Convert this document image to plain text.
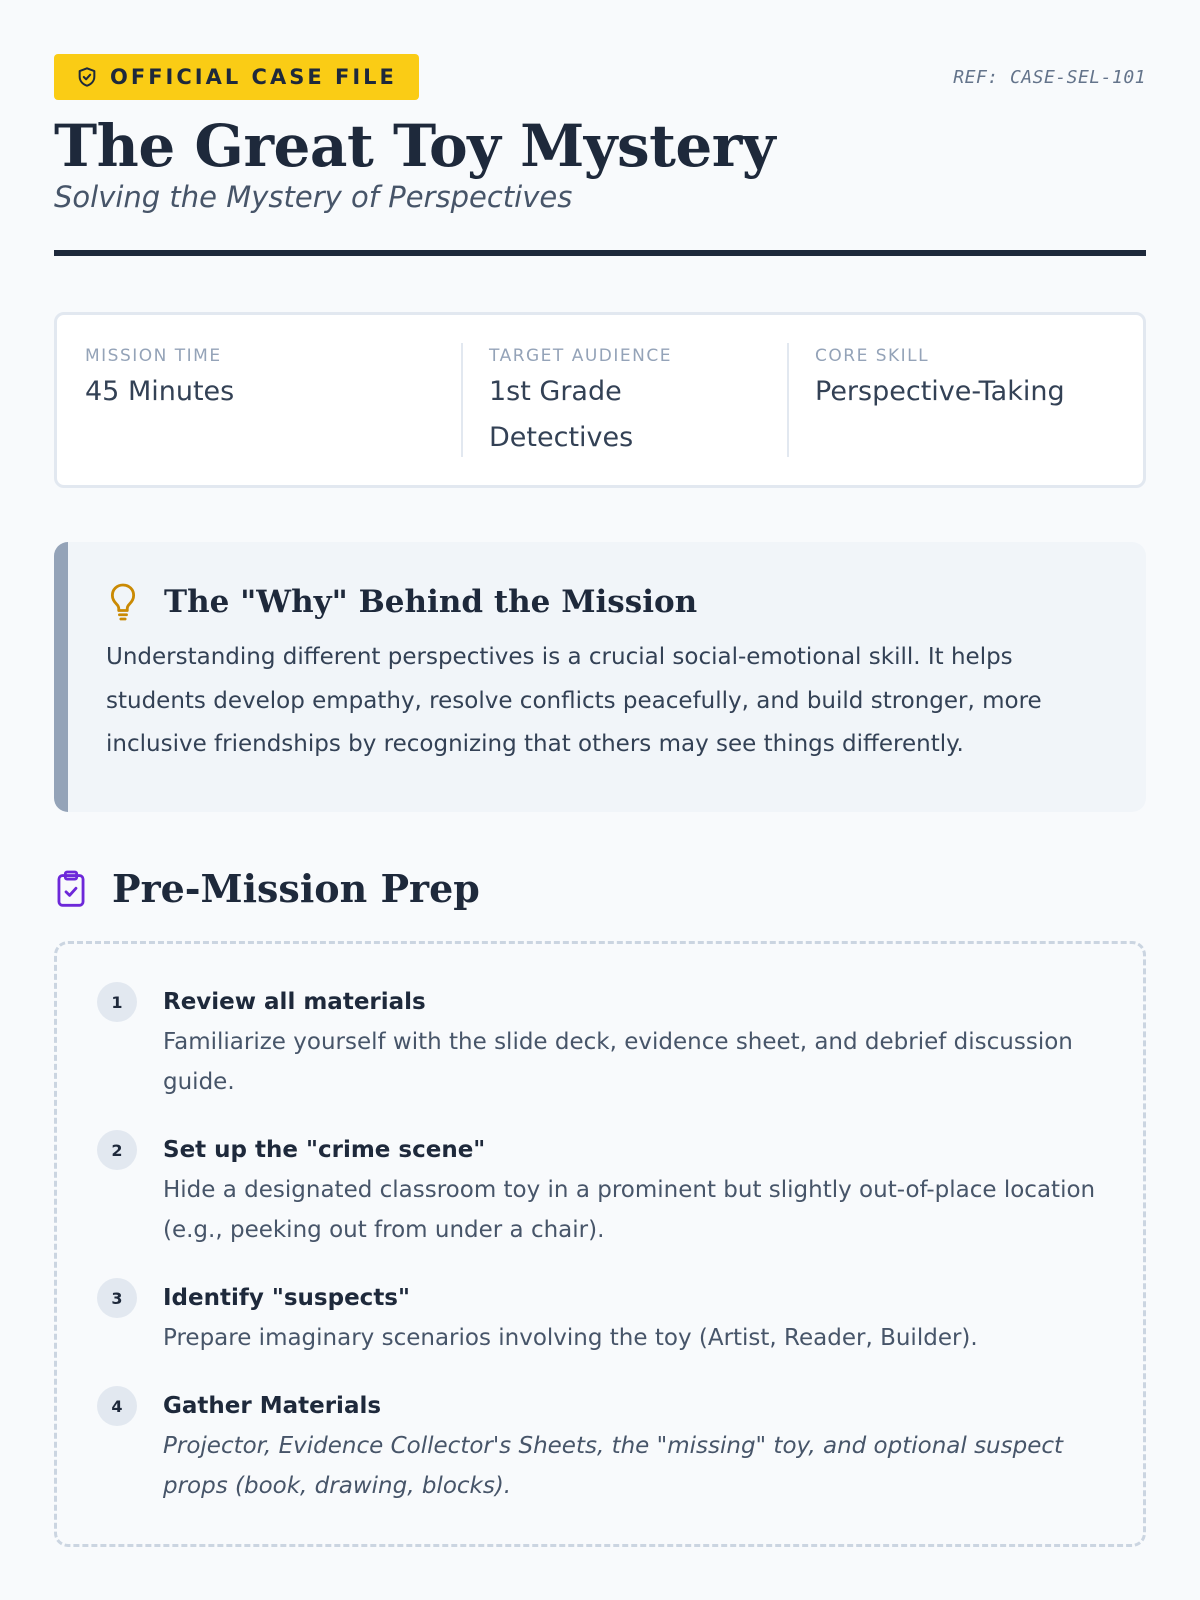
OFFICIAL CASE FILE	REF: CASE-SEL-101
The Great Toy Mystery
Solving the Mystery of Perspectives
MISSION TIME
45 Minutes
TARGET AUDIENCE
1st Grade Detectives
CORE SKILL
Perspective-Taking
The "Why" Behind the Mission

Understanding different perspectives is a crucial social-emotional skill. It helps students develop empathy, resolve conflicts peacefully, and build stronger, more inclusive friendships by recognizing that others may see things differently.

Pre-Mission Prep
1	Review all materials
Familiarize yourself with the slide deck, evidence sheet, and debrief discussion guide.
2	Set up the "crime scene"
Hide a designated classroom toy in a prominent but slightly out-of-place location (e.g., peeking out from under a chair).
3	Identify "suspects"
Prepare imaginary scenarios involving the toy (Artist, Reader, Builder).
4	Gather Materials
Projector, Evidence Collector's Sheets, the "missing" toy, and optional suspect props (book, drawing, blocks).
